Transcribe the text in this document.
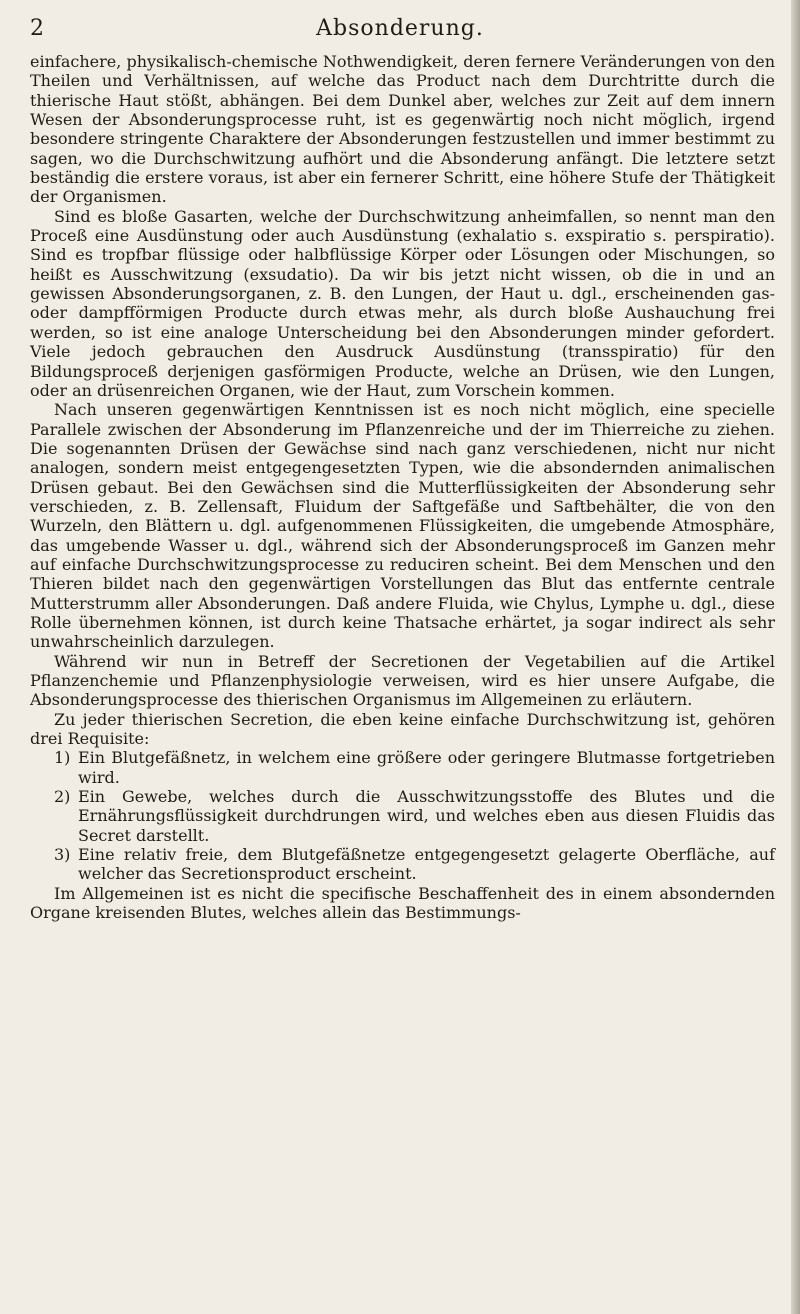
2	Absonderung.

einfachere, physikalisch-chemische Nothwendigkeit, deren fernere Veränderungen von den Theilen und Verhältnissen, auf welche das Product nach dem Durchtritte durch die thierische Haut stößt, abhängen. Bei dem Dunkel aber, welches zur Zeit auf dem innern Wesen der Absonderungsprocesse ruht, ist es gegenwärtig noch nicht möglich, irgend besondere stringente Charaktere der Absonderungen festzustellen und immer bestimmt zu sagen, wo die Durchschwitzung aufhört und die Absonderung anfängt. Die letztere setzt beständig die erstere voraus, ist aber ein fernerer Schritt, eine höhere Stufe der Thätigkeit der Organismen.

Sind es bloße Gasarten, welche der Durchschwitzung anheimfallen, so nennt man den Proceß eine Ausdünstung oder auch Ausdünstung (exhalatio s. exspiratio s. perspiratio). Sind es tropfbar flüssige oder halbflüssige Körper oder Lösungen oder Mischungen, so heißt es Ausschwitzung (exsudatio). Da wir bis jetzt nicht wissen, ob die in und an gewissen Absonderungsorganen, z. B. den Lungen, der Haut u. dgl., erscheinenden gas- oder dampfförmigen Producte durch etwas mehr, als durch bloße Aushauchung frei werden, so ist eine analoge Unterscheidung bei den Absonderungen minder gefordert. Viele jedoch gebrauchen den Ausdruck Ausdünstung (transspiratio) für den Bildungsproceß derjenigen gasförmigen Producte, welche an Drüsen, wie den Lungen, oder an drüsenreichen Organen, wie der Haut, zum Vorschein kommen.

Nach unseren gegenwärtigen Kenntnissen ist es noch nicht möglich, eine specielle Parallele zwischen der Absonderung im Pflanzenreiche und der im Thierreiche zu ziehen. Die sogenannten Drüsen der Gewächse sind nach ganz verschiedenen, nicht nur nicht analogen, sondern meist entgegengesetzten Typen, wie die absondernden animalischen Drüsen gebaut. Bei den Gewächsen sind die Mutterflüssigkeiten der Absonderung sehr verschieden, z. B. Zellensaft, Fluidum der Saftgefäße und Saftbehälter, die von den Wurzeln, den Blättern u. dgl. aufgenommenen Flüssigkeiten, die umgebende Atmosphäre, das umgebende Wasser u. dgl., während sich der Absonderungsproceß im Ganzen mehr auf einfache Durchschwitzungsprocesse zu reduciren scheint. Bei dem Menschen und den Thieren bildet nach den gegenwärtigen Vorstellungen das Blut das entfernte centrale Mutterstrumm aller Absonderungen. Daß andere Fluida, wie Chylus, Lymphe u. dgl., diese Rolle übernehmen können, ist durch keine Thatsache erhärtet, ja sogar indirect als sehr unwahrscheinlich darzulegen.

Während wir nun in Betreff der Secretionen der Vegetabilien auf die Artikel Pflanzenchemie und Pflanzenphysiologie verweisen, wird es hier unsere Aufgabe, die Absonderungsprocesse des thierischen Organismus im Allgemeinen zu erläutern.

Zu jeder thierischen Secretion, die eben keine einfache Durchschwitzung ist, gehören drei Requisite:

1) Ein Blutgefäßnetz, in welchem eine größere oder geringere Blutmasse fortgetrieben wird.
2) Ein Gewebe, welches durch die Ausschwitzungsstoffe des Blutes und die Ernährungsflüssigkeit durchdrungen wird, und welches eben aus diesen Fluidis das Secret darstellt.
3) Eine relativ freie, dem Blutgefäßnetze entgegengesetzt gelagerte Oberfläche, auf welcher das Secretionsproduct erscheint.

Im Allgemeinen ist es nicht die specifische Beschaffenheit des in einem absondernden Organe kreisenden Blutes, welches allein das Bestimmungs-
